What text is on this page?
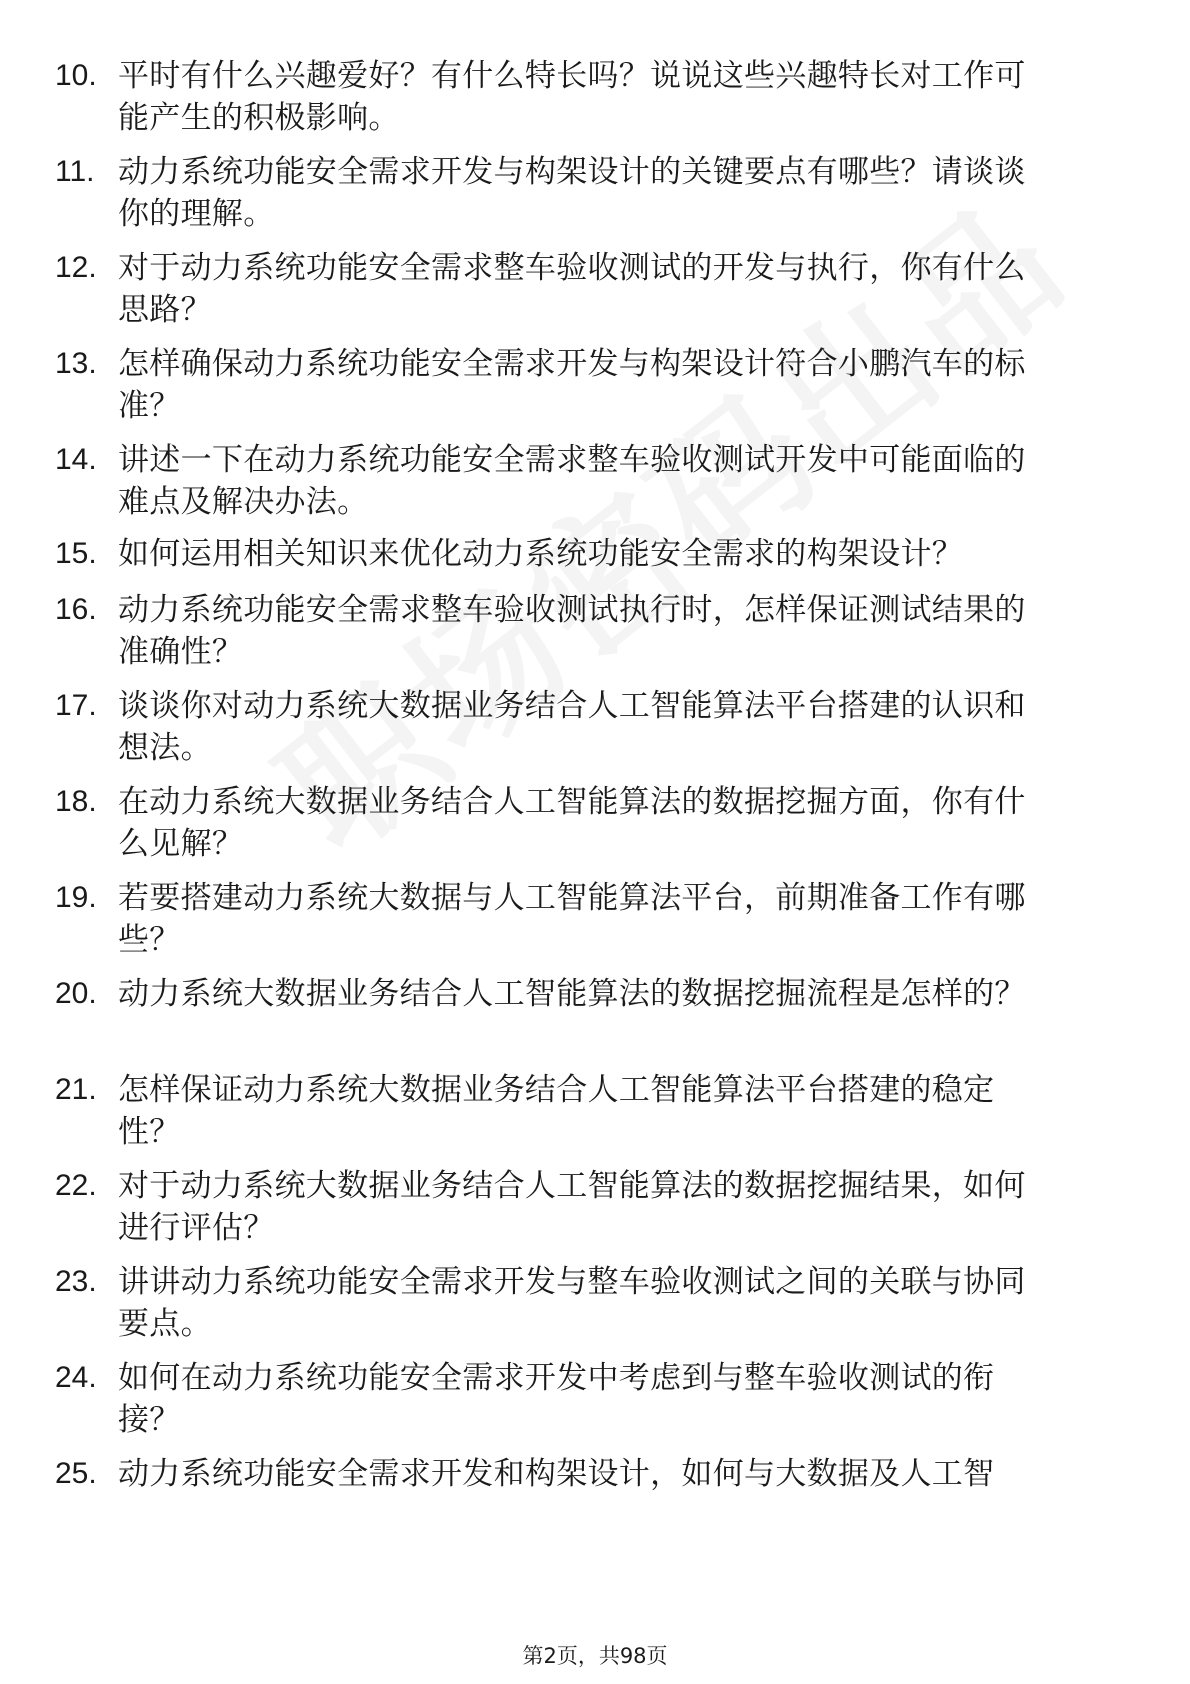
10. 平时有什么兴趣爱好？有什么特长吗？说说这些兴趣特长对工作可能产生的积极影响。
11. 动力系统功能安全需求开发与构架设计的关键要点有哪些？请谈谈你的理解。
12. 对于动力系统功能安全需求整车验收测试的开发与执行，你有什么思路？
13. 怎样确保动力系统功能安全需求开发与构架设计符合小鹏汽车的标准？
14. 讲述一下在动力系统功能安全需求整车验收测试开发中可能面临的难点及解决办法。
15. 如何运用相关知识来优化动力系统功能安全需求的构架设计？
16. 动力系统功能安全需求整车验收测试执行时，怎样保证测试结果的准确性？
17. 谈谈你对动力系统大数据业务结合人工智能算法平台搭建的认识和想法。
18. 在动力系统大数据业务结合人工智能算法的数据挖掘方面，你有什么见解？
19. 若要搭建动力系统大数据与人工智能算法平台，前期准备工作有哪些？
20. 动力系统大数据业务结合人工智能算法的数据挖掘流程是怎样的？
21. 怎样保证动力系统大数据业务结合人工智能算法平台搭建的稳定性？
22. 对于动力系统大数据业务结合人工智能算法的数据挖掘结果，如何进行评估？
23. 讲讲动力系统功能安全需求开发与整车验收测试之间的关联与协同要点。
24. 如何在动力系统功能安全需求开发中考虑到与整车验收测试的衔接？
25. 动力系统功能安全需求开发和构架设计，如何与大数据及人工智
第2页，共98页
